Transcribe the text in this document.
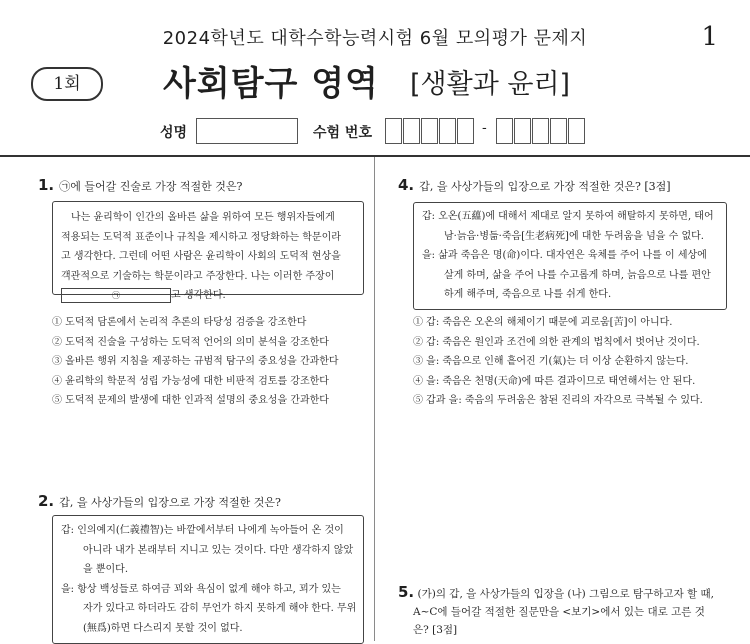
2024학년도 대학수학능력시험 6월 모의평가 문제지	1
1회	사회탐구 영역 [생활과 윤리]
성명	수험 번호	-
1. ㉠에 들어갈 진술로 가장 적절한 것은?

나는 윤리학이 인간의 올바른 삶을 위하여 모든 행위자들에게

적용되는 도덕적 표준이나 규칙을 제시하고 정당화하는 학문이라

고 생각한다. 그런데 어떤 사람은 윤리학이 사회의 도덕적 현상을

객관적으로 기술하는 학문이라고 주장한다. 나는 이러한 주장이

㉠	고 생각한다.

① 도덕적 담론에서 논리적 추론의 타당성 검증을 강조한다
② 도덕적 진술을 구성하는 도덕적 언어의 의미 분석을 강조한다
③ 올바른 행위 지침을 제공하는 규범적 탐구의 중요성을 간과한다
④ 윤리학의 학문적 성립 가능성에 대한 비판적 검토를 강조한다
⑤ 도덕적 문제의 발생에 대한 인과적 설명의 중요성을 간과한다
2. 갑, 을 사상가들의 입장으로 가장 적절한 것은?

갑: 인의예지(仁義禮智)는 바깥에서부터 나에게 녹아들어 온 것이

아니라 내가 본래부터 지니고 있는 것이다. 다만 생각하지 않았

을 뿐이다.

을: 항상 백성들로 하여금 꾀와 욕심이 없게 해야 하고, 꾀가 있는

자가 있다고 하더라도 감히 무언가 하지 못하게 해야 한다. 무위

(無爲)하면 다스리지 못할 것이 없다.

4. 갑, 을 사상가들의 입장으로 가장 적절한 것은? [3점]

갑: 오온(五蘊)에 대해서 제대로 알지 못하여 해탈하지 못하면, 태어

남·늙음·병듦·죽음[生老病死]에 대한 두려움을 넘을 수 없다.

을: 삶과 죽음은 명(命)이다. 대자연은 육체를 주어 나를 이 세상에

살게 하며, 삶을 주어 나를 수고롭게 하며, 늙음으로 나를 편안

하게 해주며, 죽음으로 나를 쉬게 한다.

① 갑: 죽음은 오온의 해체이기 때문에 괴로움[苦]이 아니다.
② 갑: 죽음은 원인과 조건에 의한 관계의 법칙에서 벗어난 것이다.
③ 을: 죽음으로 인해 흩어진 기(氣)는 더 이상 순환하지 않는다.
④ 을: 죽음은 천명(天命)에 따른 결과이므로 태연해서는 안 된다.
⑤ 갑과 을: 죽음의 두려움은 참된 진리의 자각으로 극복될 수 있다.
5. (가)의 갑, 을 사상가들의 입장을 (나) 그림으로 탐구하고자 할 때,
A∼C에 들어갈 적절한 질문만을 <보기>에서 있는 대로 고른 것
은? [3점]
